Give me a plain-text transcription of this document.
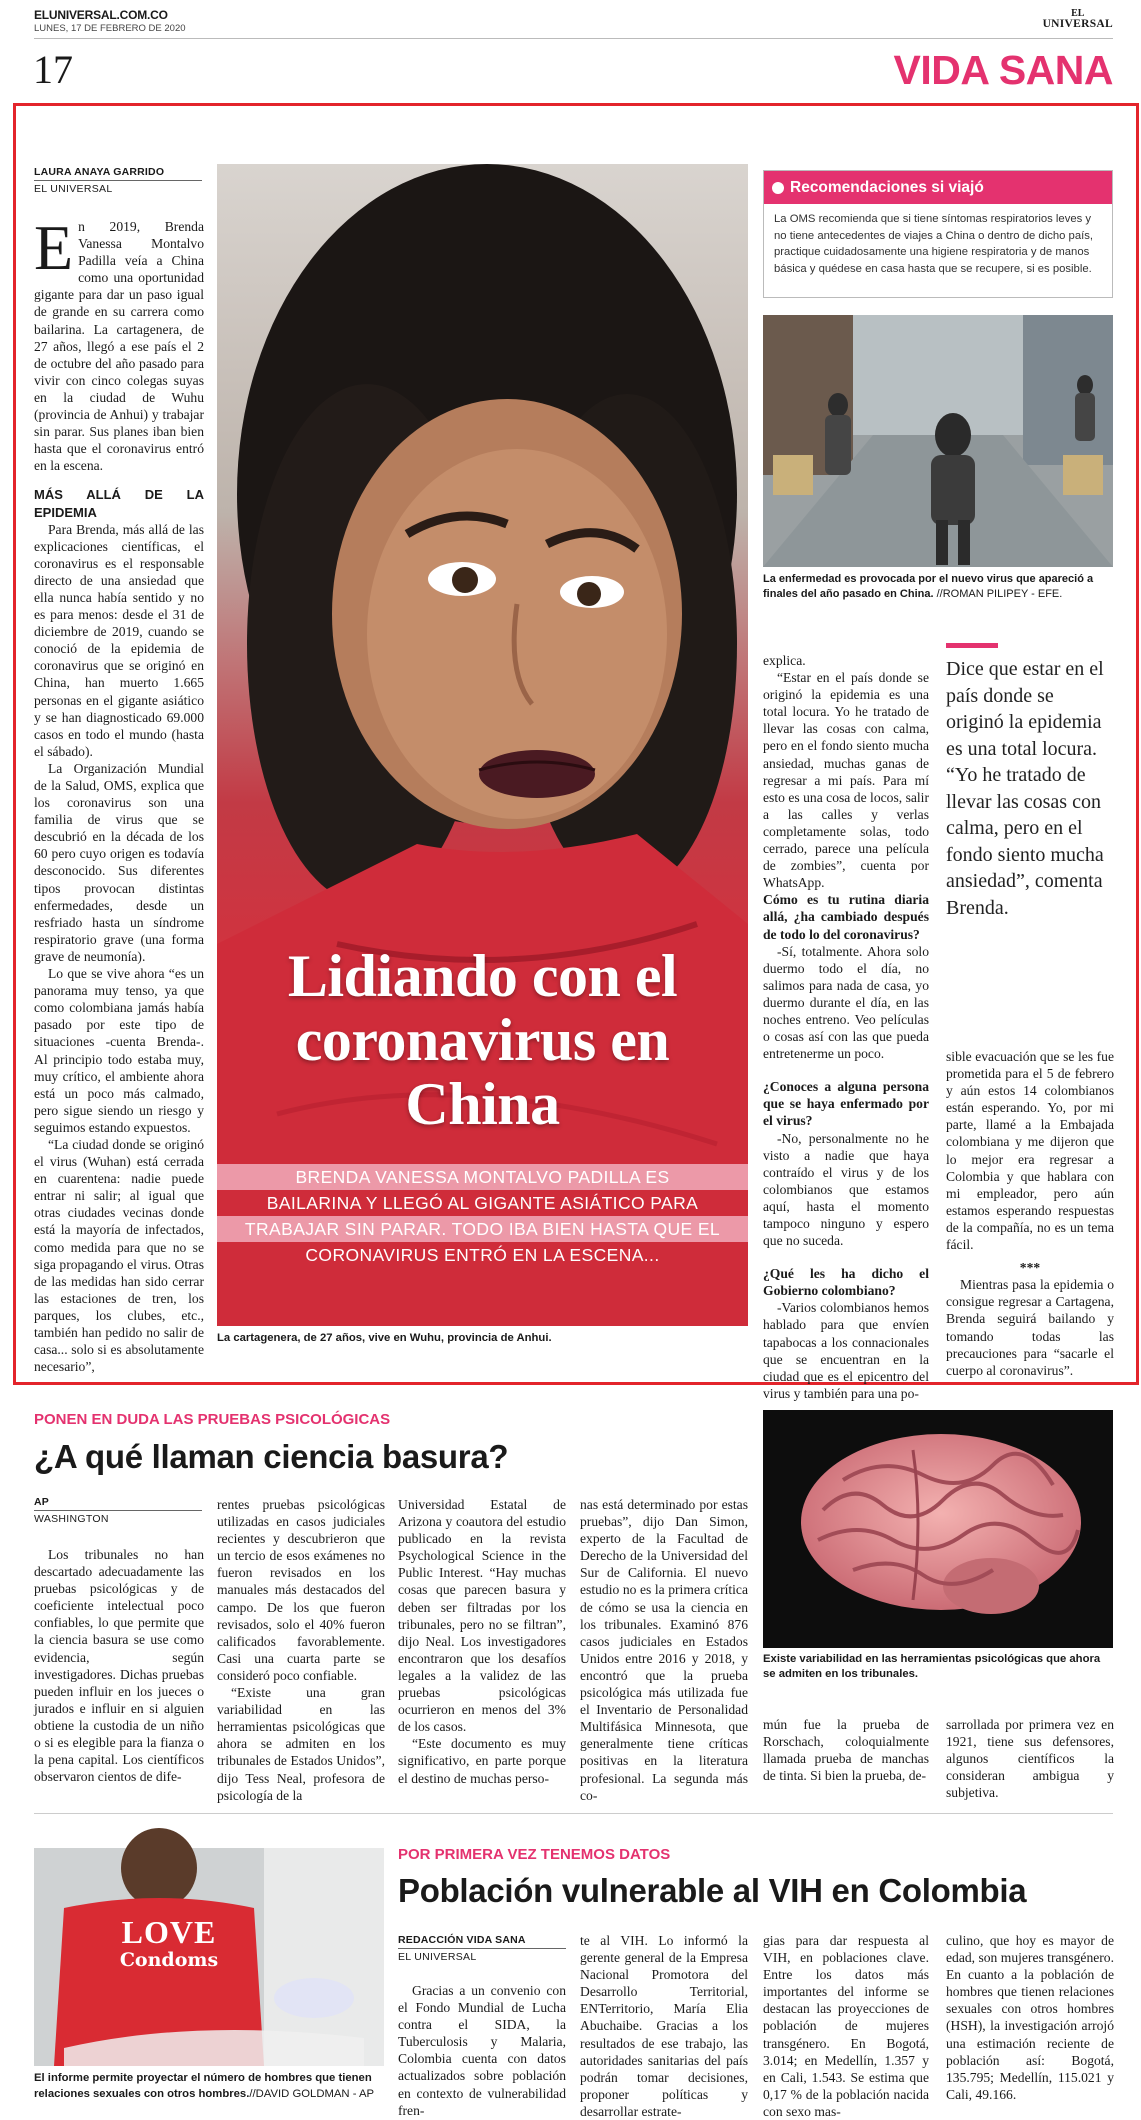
ELUNIVERSAL.COM.CO
LUNES, 17 DE FEBRERO DE 2020
EL
UNIVERSAL
17	VIDA SANA
LAURA ANAYA GARRIDO
EL UNIVERSAL

En 2019, Brenda Vanessa Montalvo Padilla veía a China como una oportunidad gigante para dar un paso igual de grande en su carrera como bailarina. La cartagenera, de 27 años, llegó a ese país el 2 de octubre del año pasado para vivir con cinco colegas suyas en la ciudad de Wuhu (provincia de Anhui) y trabajar sin parar. Sus planes iban bien hasta que el coronavirus entró en la escena.

MÁS ALLÁ DE LA EPIDEMIA

Para Brenda, más allá de las explicaciones científicas, el coronavirus es el responsable directo de una ansiedad que ella nunca había sentido y no es para menos: desde el 31 de diciembre de 2019, cuando se conoció de la epidemia de coronavirus que se originó en China, han muerto 1.665 personas en el gigante asiático y se han diagnosticado 69.000 casos en todo el mundo (hasta el sábado).

La Organización Mundial de la Salud, OMS, explica que los coronavirus son una familia de virus que se descubrió en la década de los 60 pero cuyo origen es todavía desconocido. Sus diferentes tipos provocan distintas enfermedades, desde un resfriado hasta un síndrome respiratorio grave (una forma grave de neumonía).

Lo que se vive ahora “es un panorama muy tenso, ya que como colombiana jamás había pasado por este tipo de situaciones -cuenta Brenda-. Al principio todo estaba muy, muy crítico, el ambiente ahora está un poco más calmado, pero sigue siendo un riesgo y seguimos estando expuestos.

“La ciudad donde se originó el virus (Wuhan) está cerrada en cuarentena: nadie puede entrar ni salir; al igual que otras ciudades vecinas donde está la mayoría de infectados, como medida para que no se siga propagando el virus. Otras de las medidas han sido cerrar las estaciones de tren, los parques, los clubes, etc., también han pedido no salir de casa... solo si es absolutamente necesario”,

Lidiando con el coronavirus en China
BRENDA VANESSA MONTALVO PADILLA ES
BAILARINA Y LLEGÓ AL GIGANTE ASIÁTICO PARA
TRABAJAR SIN PARAR. TODO IBA BIEN HASTA QUE EL
CORONAVIRUS ENTRÓ EN LA ESCENA...
La cartagenera, de 27 años, vive en Wuhu, provincia de Anhui.
Recomendaciones si viajó
La OMS recomienda que si tiene síntomas respiratorios leves y no tiene antecedentes de viajes a China o dentro de dicho país, practique cuidadosamente una higiene respiratoria y de manos básica y quédese en casa hasta que se recupere, si es posible.
La enfermedad es provocada por el nuevo virus que apareció a finales del año pasado en China. //ROMAN PILIPEY - EFE.

explica.

“Estar en el país donde se originó la epidemia es una total locura. Yo he tratado de llevar las cosas con calma, pero en el fondo siento mucha ansiedad, muchas ganas de regresar a mi país. Para mí esto es una cosa de locos, salir a las calles y verlas completamente solas, todo cerrado, parece una película de zombies”, cuenta por WhatsApp.

Cómo es tu rutina diaria allá, ¿ha cambiado después de todo lo del coronavirus?

-Sí, totalmente. Ahora solo duermo todo el día, no salimos para nada de casa, yo duermo durante el día, en las noches entreno. Veo películas o cosas así con las que pueda entretenerme un poco.

¿Conoces a alguna persona que se haya enfermado por el virus?

-No, personalmente no he visto a nadie que haya contraído el virus y de los colombianos que estamos aquí, hasta el momento tampoco ninguno y espero que no suceda.

¿Qué les ha dicho el Gobierno colombiano?

-Varios colombianos hemos hablado para que envíen tapabocas a los connacionales que se encuentran en la ciudad que es el epicentro del virus y también para una po-

Dice que estar en el país donde se originó la epidemia es una total locura. “Yo he tratado de llevar las cosas con calma, pero en el fondo siento mucha ansiedad”, comenta Brenda.

sible evacuación que se les fue prometida para el 5 de febrero y aún estos 14 colombianos están esperando. Yo, por mi parte, llamé a la Embajada colombiana y me dijeron que lo mejor era regresar a Colombia y que hablara con mi empleador, pero aún estamos esperando respuestas de la compañía, no es un tema fácil.

***

Mientras pasa la epidemia o consigue regresar a Cartagena, Brenda seguirá bailando y tomando todas las precauciones para “sacarle el cuerpo al coronavirus”.

PONEN EN DUDA LAS PRUEBAS PSICOLÓGICAS
¿A qué llaman ciencia basura?
AP
WASHINGTON

Los tribunales no han descartado adecuadamente las pruebas psicológicas y de coeficiente intelectual poco confiables, lo que permite que la ciencia basura se use como evidencia, según investigadores. Dichas pruebas pueden influir en los jueces o jurados e influir en si alguien obtiene la custodia de un niño o si es elegible para la fianza o la pena capital. Los científicos observaron cientos de dife-

rentes pruebas psicológicas utilizadas en casos judiciales recientes y descubrieron que un tercio de esos exámenes no fueron revisados en los manuales más destacados del campo. De los que fueron revisados, solo el 40% fueron calificados favorablemente. Casi una cuarta parte se consideró poco confiable.

“Existe una gran variabilidad en las herramientas psicológicas que ahora se admiten en los tribunales de Estados Unidos”, dijo Tess Neal, profesora de psicología de la

Universidad Estatal de Arizona y coautora del estudio publicado en la revista Psychological Science in the Public Interest. “Hay muchas cosas que parecen basura y deben ser filtradas por los tribunales, pero no se filtran”, dijo Neal. Los investigadores encontraron que los desafíos legales a la validez de las pruebas psicológicas ocurrieron en menos del 3% de los casos.

“Este documento es muy significativo, en parte porque el destino de muchas perso-

nas está determinado por estas pruebas”, dijo Dan Simon, experto de la Facultad de Derecho de la Universidad del Sur de California. El nuevo estudio no es la primera crítica de cómo se usa la ciencia en los tribunales. Examinó 876 casos judiciales en Estados Unidos entre 2016 y 2018, y encontró que la prueba psicológica más utilizada fue el Inventario de Personalidad Multifásica Minnesota, que generalmente tiene críticas positivas en la literatura profesional. La segunda más co-

mún fue la prueba de Rorschach, coloquialmente llamada prueba de manchas de tinta. Si bien la prueba, de-

sarrollada por primera vez en 1921, tiene sus defensores, algunos científicos la consideran ambigua y subjetiva.

Existe variabilidad en las herramientas psicológicas que ahora se admiten en los tribunales.
LOVE
Condoms
El informe permite proyectar el número de hombres que tienen relaciones sexuales con otros hombres.//DAVID GOLDMAN - AP
POR PRIMERA VEZ TENEMOS DATOS
Población vulnerable al VIH en Colombia
REDACCIÓN VIDA SANA
EL UNIVERSAL

Gracias a un convenio con el Fondo Mundial de Lucha contra el SIDA, la Tuberculosis y Malaria, Colombia cuenta con datos actualizados sobre población en contexto de vulnerabilidad fren-

te al VIH. Lo informó la gerente general de la Empresa Nacional Promotora del Desarrollo Territorial, ENTerritorio, María Elia Abuchaibe. Gracias a los resultados de ese trabajo, las autoridades sanitarias del país podrán tomar decisiones, proponer políticas y desarrollar estrate-

gias para dar respuesta al VIH, en poblaciones clave. Entre los datos más importantes del informe se destacan las proyecciones de población de mujeres transgénero. En Bogotá, 3.014; en Medellín, 1.357 y en Cali, 1.543. Se estima que 0,17 % de la población nacida con sexo mas-

culino, que hoy es mayor de edad, son mujeres transgénero. En cuanto a la población de hombres que tienen relaciones sexuales con otros hombres (HSH), la investigación arrojó una estimación reciente de población así: Bogotá, 135.795; Medellín, 115.021 y Cali, 49.166.
